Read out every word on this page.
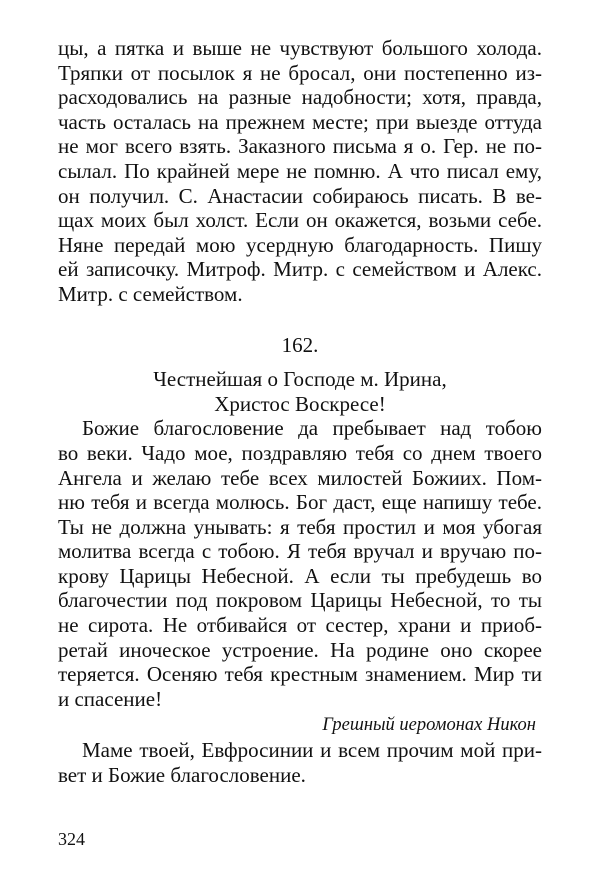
цы, а пятка и выше не чувствуют большого холода.
Тряпки от посылок я не бросал, они постепенно из-
расходовались на разные надобности; хотя, правда,
часть осталась на прежнем месте; при выезде оттуда
не мог всего взять. Заказного письма я о. Гер. не по-
сылал. По крайней мере не помню. А что писал ему,
он получил. С. Анастасии собираюсь писать. В ве-
щах моих был холст. Если он окажется, возьми себе.
Няне передай мою усердную благодарность. Пишу
ей записочку. Митроф. Митр. с семейством и Алекс.
Митр. с семейством.
162.
Честнейшая о Господе м. Ирина,
Христос Воскресе!
Божие благословение да пребывает над тобою
во веки. Чадо мое, поздравляю тебя со днем твоего
Ангела и желаю тебе всех милостей Божиих. Пом-
ню тебя и всегда молюсь. Бог даст, еще напишу тебе.
Ты не должна унывать: я тебя простил и моя убогая
молитва всегда с тобою. Я тебя вручал и вручаю по-
крову Царицы Небесной. А если ты пребудешь во
благочестии под покровом Царицы Небесной, то ты
не сирота. Не отбивайся от сестер, храни и приоб-
ретай иноческое устроение. На родине оно скорее
теряется. Осеняю тебя крестным знамением. Мир ти
и спасение!
Грешный иеромонах Никон
Маме твоей, Евфросинии и всем прочим мой при-
вет и Божие благословение.
324
